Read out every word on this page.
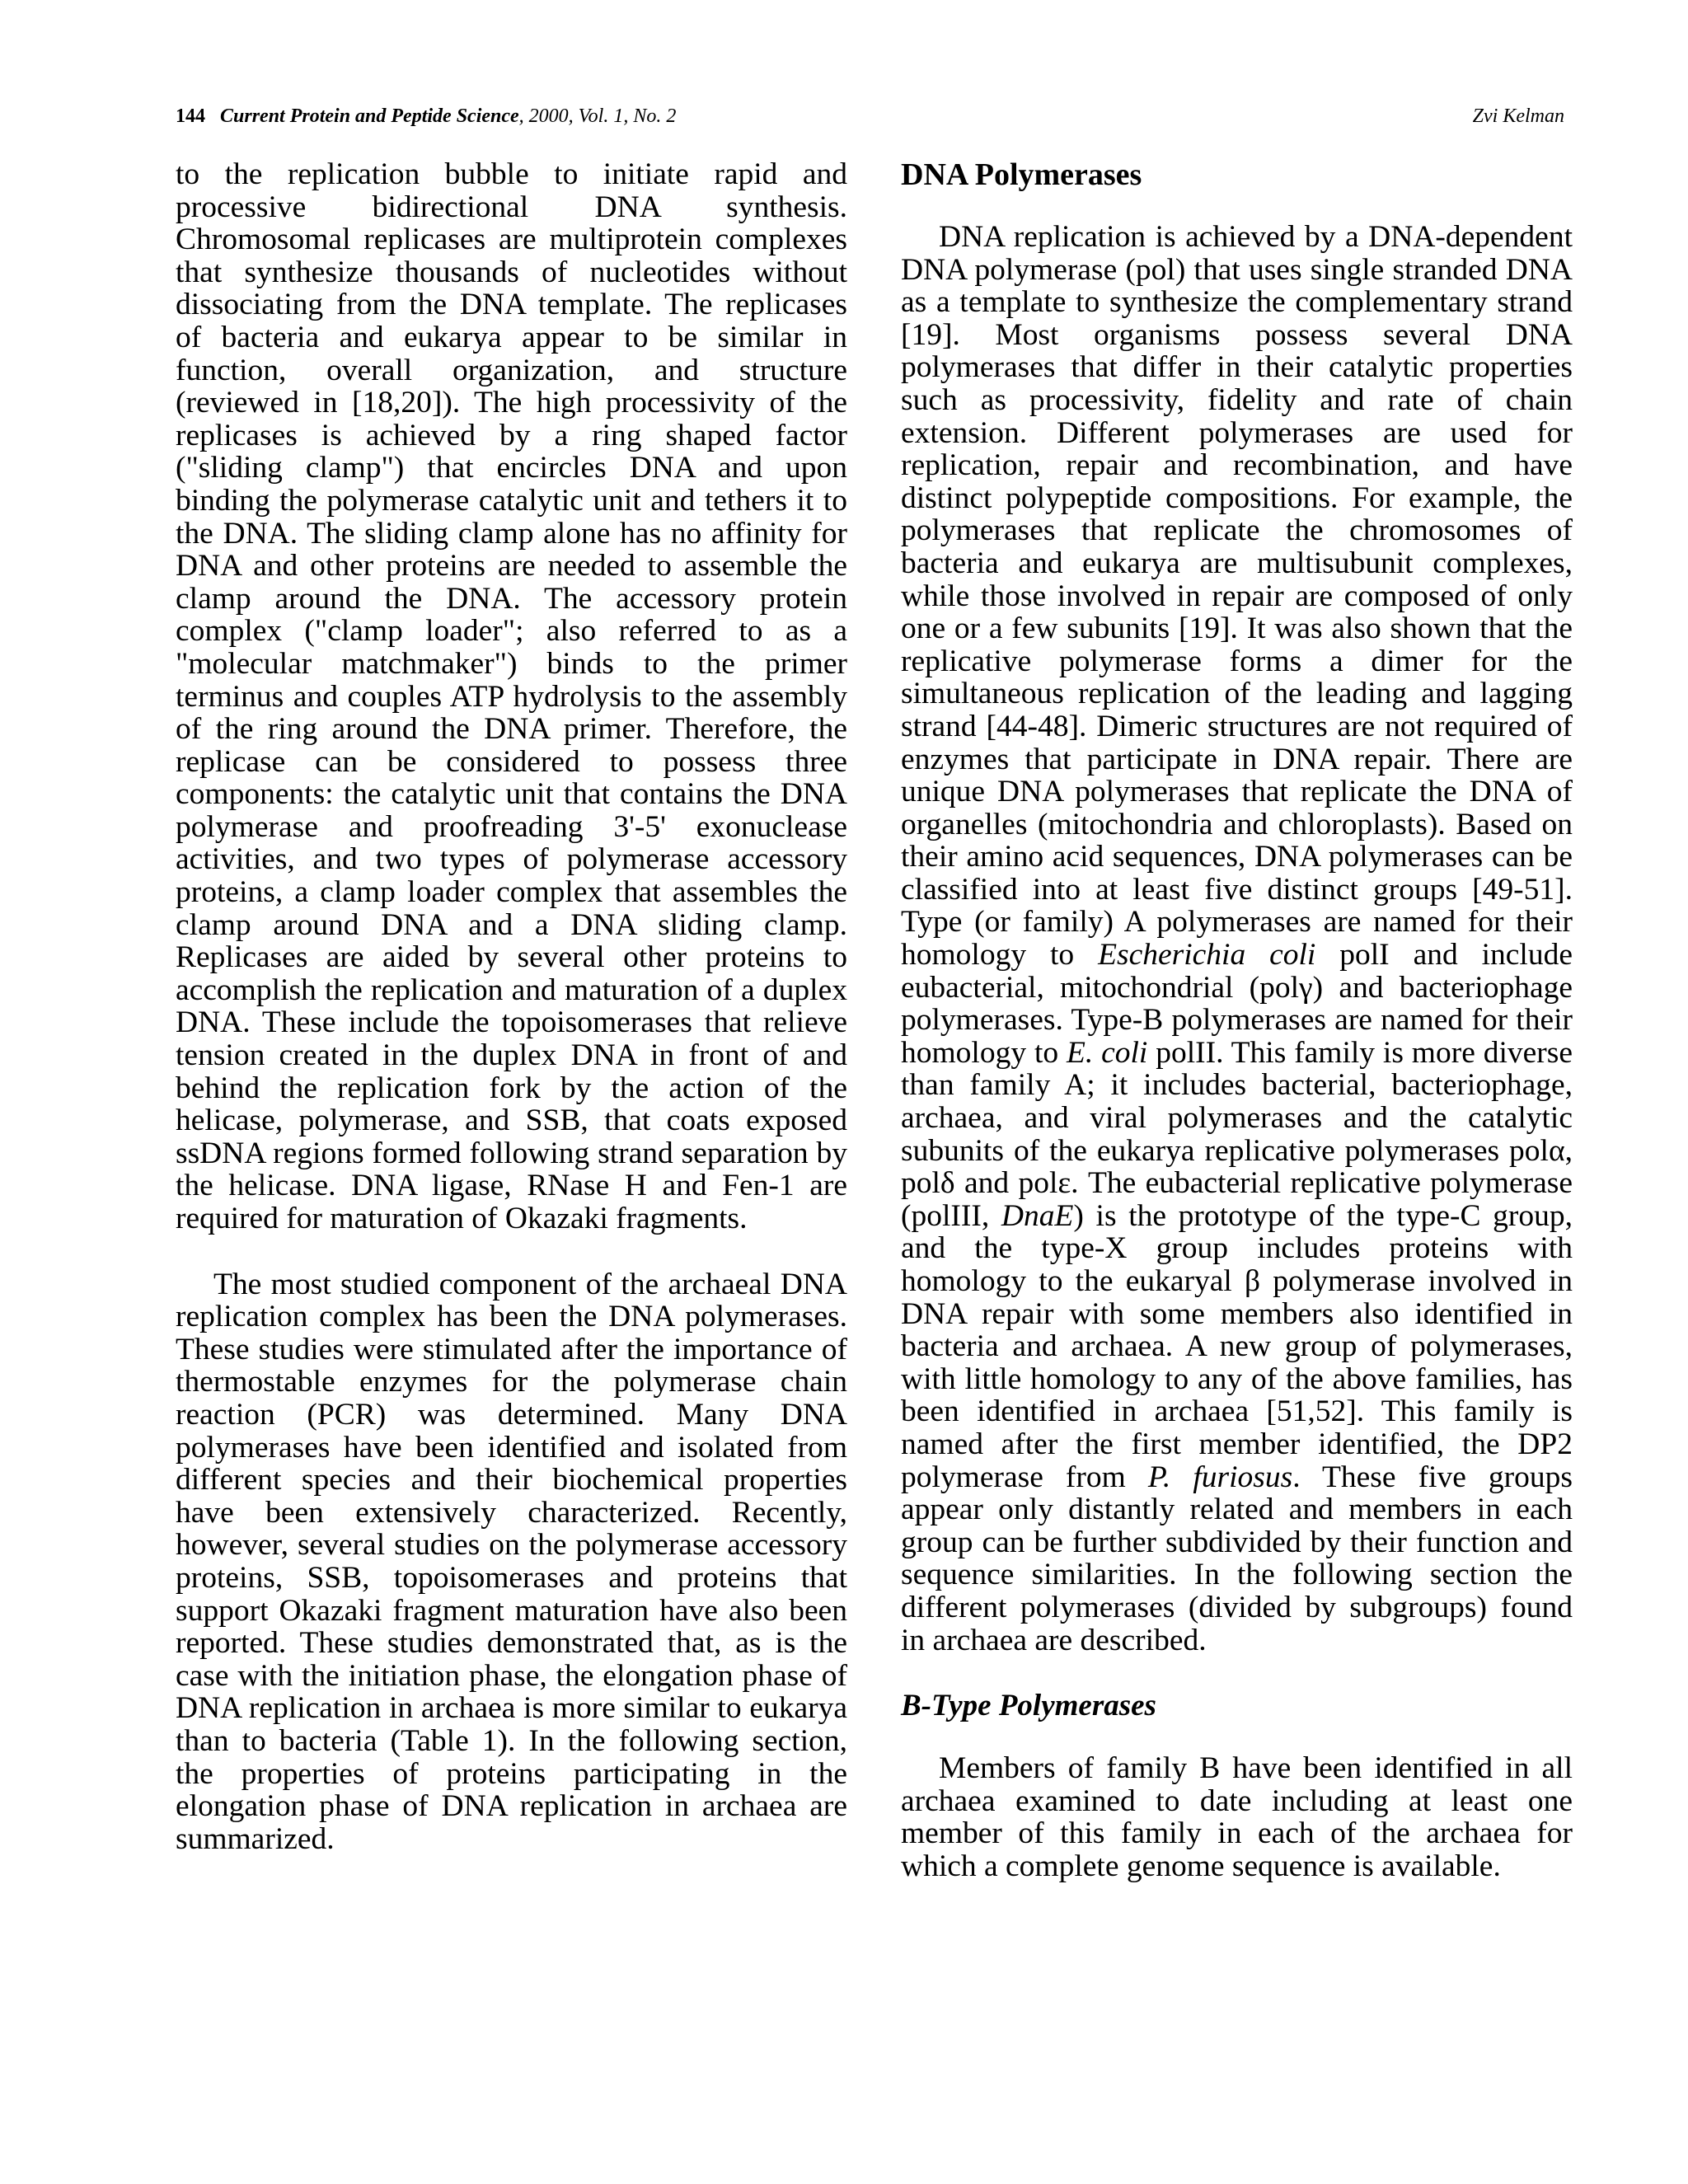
144 Current Protein and Peptide Science, 2000, Vol. 1, No. 2	Zvi Kelman

to the replication bubble to initiate rapid and processive bidirectional DNA synthesis. Chromosomal replicases are multiprotein complexes that synthesize thousands of nucleotides without dissociating from the DNA template. The replicases of bacteria and eukarya appear to be similar in function, overall organization, and structure (reviewed in [18,20]). The high processivity of the replicases is achieved by a ring shaped factor ("sliding clamp") that encircles DNA and upon binding the polymerase catalytic unit and tethers it to the DNA. The sliding clamp alone has no affinity for DNA and other proteins are needed to assemble the clamp around the DNA. The accessory protein complex ("clamp loader"; also referred to as a "molecular matchmaker") binds to the primer terminus and couples ATP hydrolysis to the assembly of the ring around the DNA primer. Therefore, the replicase can be considered to possess three components: the catalytic unit that contains the DNA polymerase and proofreading 3'-5' exonuclease activities, and two types of polymerase accessory proteins, a clamp loader complex that assembles the clamp around DNA and a DNA sliding clamp. Replicases are aided by several other proteins to accomplish the replication and maturation of a duplex DNA. These include the topoisomerases that relieve tension created in the duplex DNA in front of and behind the replication fork by the action of the helicase, polymerase, and SSB, that coats exposed ssDNA regions formed following strand separation by the helicase. DNA ligase, RNase H and Fen-1 are required for maturation of Okazaki fragments.

The most studied component of the archaeal DNA replication complex has been the DNA polymerases. These studies were stimulated after the importance of thermostable enzymes for the polymerase chain reaction (PCR) was determined. Many DNA polymerases have been identified and isolated from different species and their biochemical properties have been extensively characterized. Recently, however, several studies on the polymerase accessory proteins, SSB, topoisomerases and proteins that support Okazaki fragment maturation have also been reported. These studies demonstrated that, as is the case with the initiation phase, the elongation phase of DNA replication in archaea is more similar to eukarya than to bacteria (Table 1). In the following section, the properties of proteins participating in the elongation phase of DNA replication in archaea are summarized.

DNA Polymerases

DNA replication is achieved by a DNA-dependent DNA polymerase (pol) that uses single stranded DNA as a template to synthesize the complementary strand [19]. Most organisms possess several DNA polymerases that differ in their catalytic properties such as processivity, fidelity and rate of chain extension. Different polymerases are used for replication, repair and recombination, and have distinct polypeptide compositions. For example, the polymerases that replicate the chromosomes of bacteria and eukarya are multisubunit complexes, while those involved in repair are composed of only one or a few subunits [19]. It was also shown that the replicative polymerase forms a dimer for the simultaneous replication of the leading and lagging strand [44-48]. Dimeric structures are not required of enzymes that participate in DNA repair. There are unique DNA polymerases that replicate the DNA of organelles (mitochondria and chloroplasts). Based on their amino acid sequences, DNA polymerases can be classified into at least five distinct groups [49-51]. Type (or family) A polymerases are named for their homology to Escherichia coli polI and include eubacterial, mitochondrial (polγ) and bacteriophage polymerases. Type-B polymerases are named for their homology to E. coli polII. This family is more diverse than family A; it includes bacterial, bacteriophage, archaea, and viral polymerases and the catalytic subunits of the eukarya replicative polymerases polα, polδ and polε. The eubacterial replicative polymerase (polIII, DnaE) is the prototype of the type-C group, and the type-X group includes proteins with homology to the eukaryal β polymerase involved in DNA repair with some members also identified in bacteria and archaea. A new group of polymerases, with little homology to any of the above families, has been identified in archaea [51,52]. This family is named after the first member identified, the DP2 polymerase from P. furiosus. These five groups appear only distantly related and members in each group can be further subdivided by their function and sequence similarities. In the following section the different polymerases (divided by subgroups) found in archaea are described.

B-Type Polymerases

Members of family B have been identified in all archaea examined to date including at least one member of this family in each of the archaea for which a complete genome sequence is available.
